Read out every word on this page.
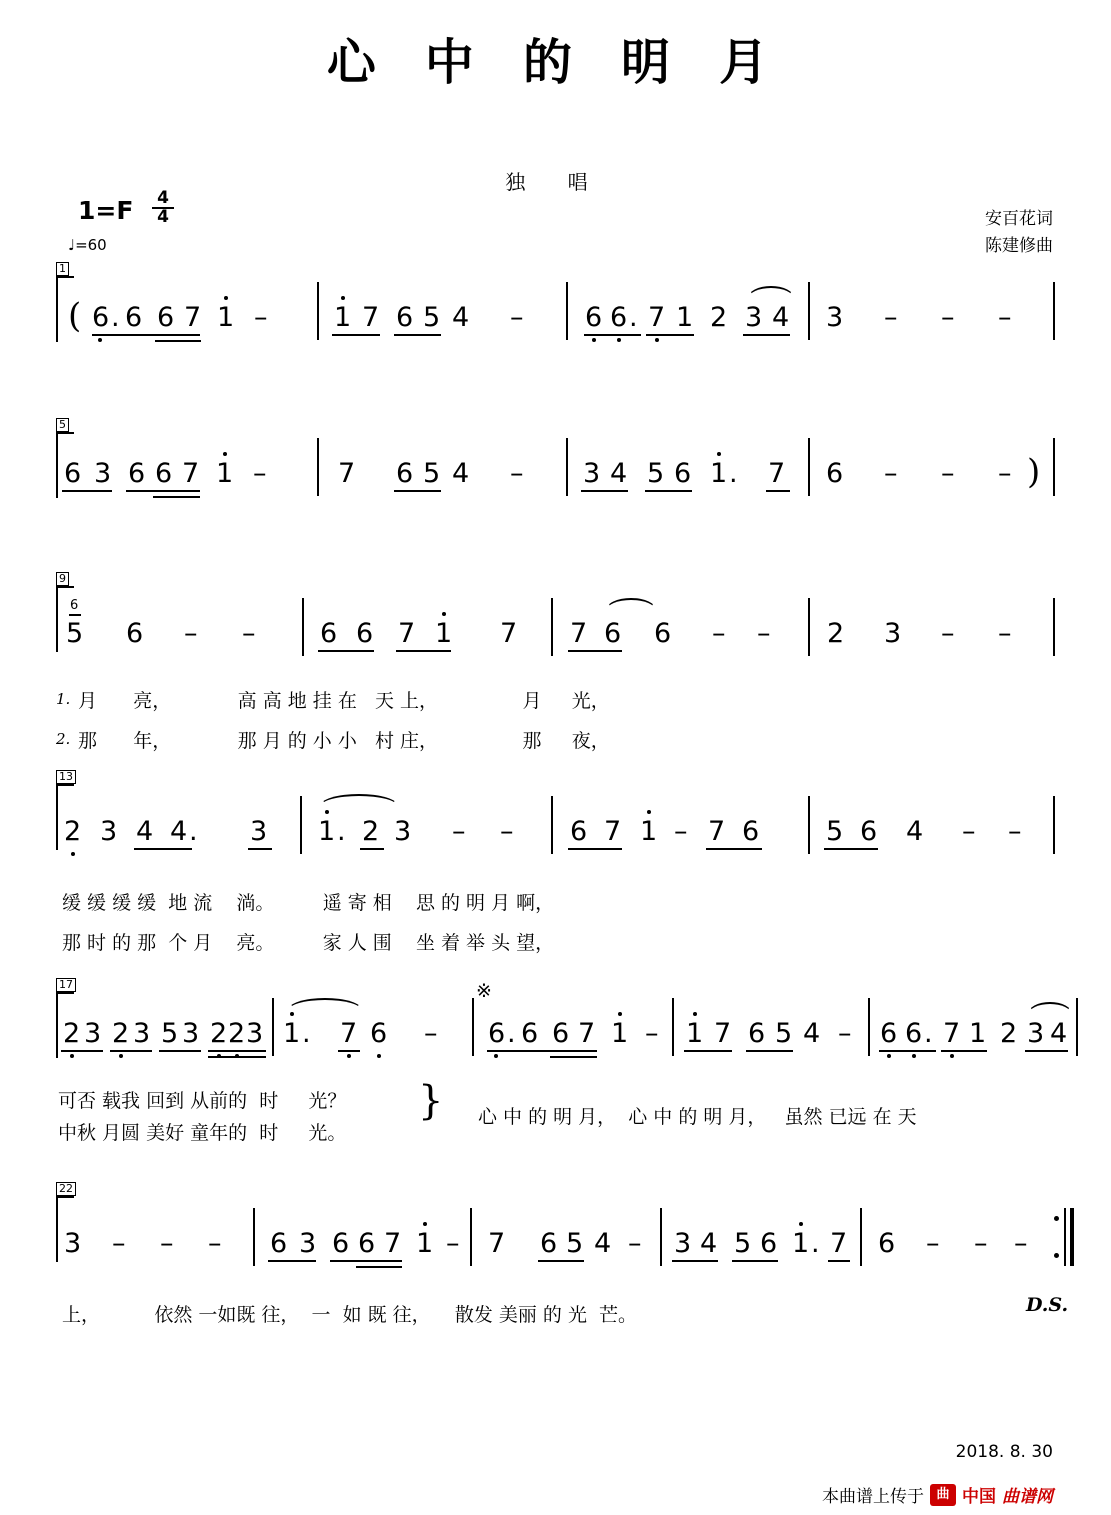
心 中 的 明 月
独 唱
$1=F \frac{4}{4}$
♩=60
安百花词
陈建修曲
1
( 6 . 6 6 7 1 – 1 7 6 5 4 – 6 6 . 7 1 2 3 4 3 – – –
5
6 3 6 6 7 1 –	7 6 5 4 – 3 4 5 6 1 . 7 6 – – – )
9
6
5 6 – – 6 6 7 1 7 7 6 6 – – 2 3 – –
1. 月      亮，           高 高 地 挂 在   天 上，              月     光，
2. 那      年，           那 月 的 小 小   村 庄，              那     夜，
13
2 3 4 4 . 3 1 . 2 3 – – 6 7 1 – 7 6 5 6 4 – –
缓 缓 缓 缓  地 流    淌。        遥 寄 相    思 的 明 月 啊，
那 时 的 那  个 月    亮。        家 人 围    坐 着 举 头 望，
17
2 3 2 3 5 3 2 2 3 1 . 7 6 –
※
6 . 6 6 7 1 – 1 7 6 5 4 – 6 6 . 7 1 2 3 4
可否 载我 回到 从前的  时     光？
中秋 月圆 美好 童年的  时     光。
} 心 中 的 明 月，  心 中 的 明 月，   虽然 已远 在 天
22
3 – – – 6 3 6 6 7 1 – 7 6 5 4 – 3 4 5 6 1 . 7 6 – – –
上，         依然 一如既 往，  一  如 既 往，    散发 美丽 的 光  芒。	D.S.
2018. 8. 30
本曲谱上传于 曲 中国 曲谱网
